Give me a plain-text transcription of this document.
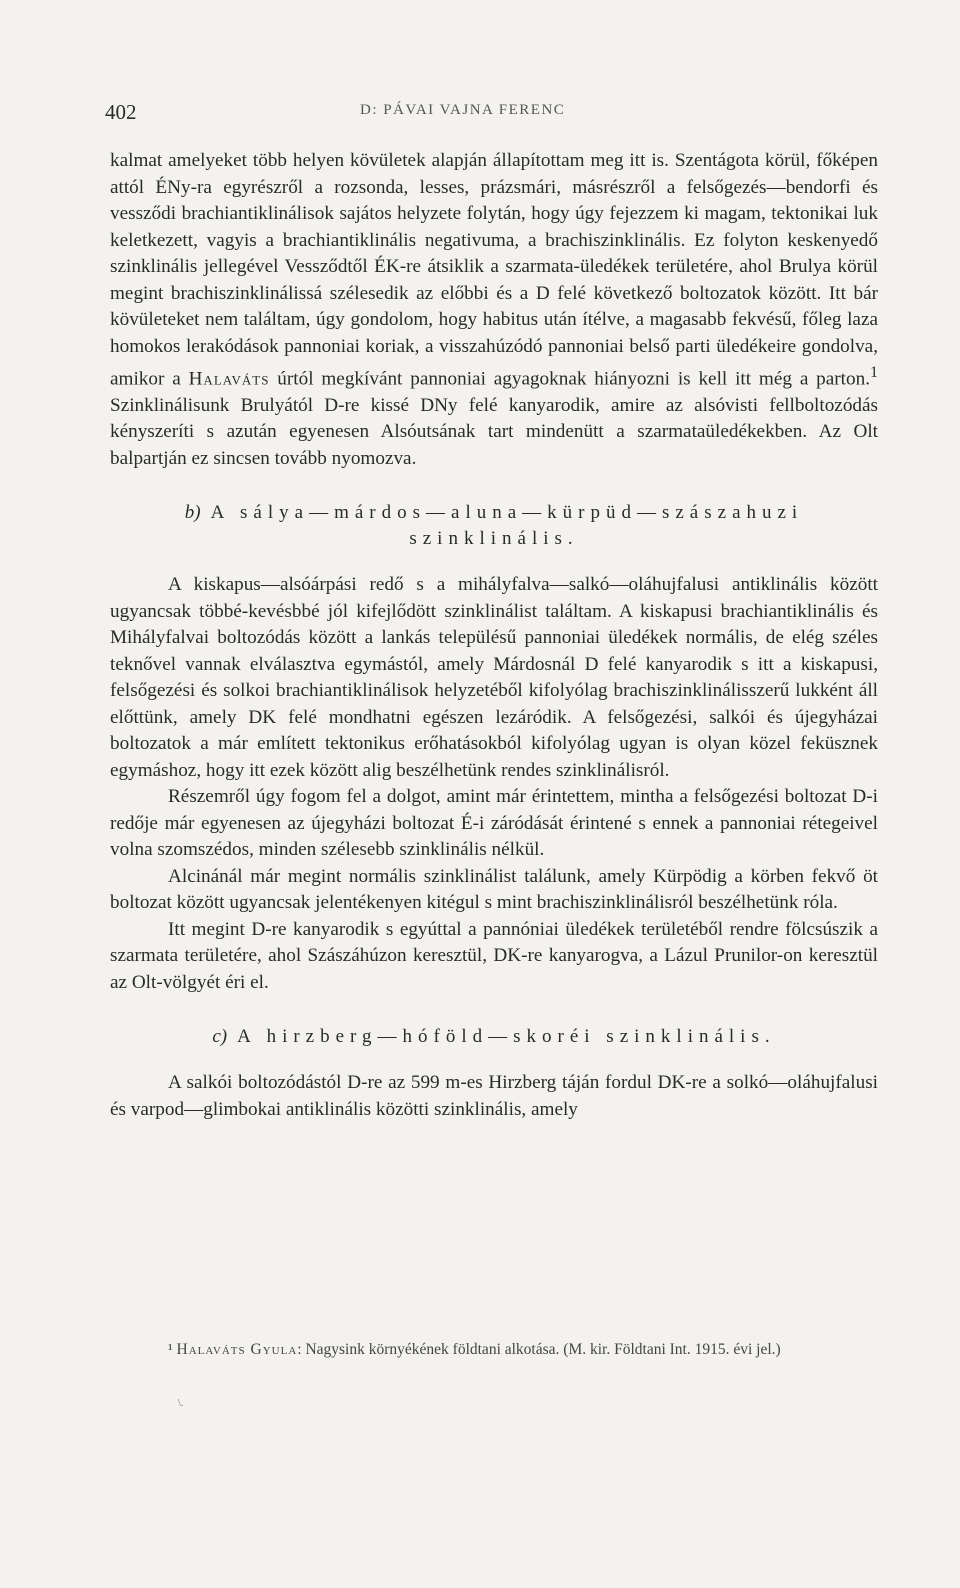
402	D: PÁVAI VAJNA FERENC

kalmat amelyeket több helyen kövületek alapján állapítottam meg itt is. Szentágota körül, főképen attól ÉNy-ra egyrészről a rozsonda, lesses, prázsmári, másrészről a felsőgezés—bendorfi és vessződi brachiantiklinálisok sajátos helyzete folytán, hogy úgy fejezzem ki magam, tektonikai luk keletkezett, vagyis a brachiantiklinális negativuma, a brachiszinklinális. Ez folyton keskenyedő szinklinális jellegével Vessződtől ÉK-re átsiklik a szarmata-üledékek területére, ahol Brulya körül megint brachiszinklinálissá szélesedik az előbbi és a D felé következő boltozatok között. Itt bár kövületeket nem találtam, úgy gondolom, hogy habitus után ítélve, a magasabb fekvésű, főleg laza homokos lerakódások pannoniai koriak, a visszahúzódó pannoniai belső parti üledékeire gondolva, amikor a Halaváts úrtól megkívánt pannoniai agyagoknak hiányozni is kell itt még a parton.$^1$ Szinklinálisunk Brulyától D-re kissé DNy felé kanyarodik, amire az alsóvisti fellboltozódás kényszeríti s azután egyenesen Alsóutsának tart mindenütt a szarmataüledékekben. Az Olt balpartján ez sincsen tovább nyomozva.

b) A sálya—márdos—aluna—kürpüd—szászahuzi szinklinális.

A kiskapus—alsóárpási redő s a mihályfalva—salkó—oláhujfalusi antiklinális között ugyancsak többé-kevésbbé jól kifejlődött szinklinálist találtam. A kiskapusi brachiantiklinális és Mihályfalvai boltozódás között a lankás településű pannoniai üledékek normális, de elég széles teknővel vannak elválasztva egymástól, amely Márdosnál D felé kanyarodik s itt a kiskapusi, felsőgezési és solkoi brachiantiklinálisok helyzetéből kifolyólag brachiszinklinálisszerű lukként áll előttünk, amely DK felé mondhatni egészen lezáródik. A felsőgezési, salkói és újegyházai boltozatok a már említett tektonikus erőhatásokból kifolyólag ugyan is olyan közel feküsznek egymáshoz, hogy itt ezek között alig beszélhetünk rendes szinklinálisról.

Részemről úgy fogom fel a dolgot, amint már érintettem, mintha a felsőgezési boltozat D-i redője már egyenesen az újegyházi boltozat É-i záródását érintené s ennek a pannoniai rétegeivel volna szomszédos, minden szélesebb szinklinális nélkül.

Alcinánál már megint normális szinklinálist találunk, amely Kürpödig a körben fekvő öt boltozat között ugyancsak jelentékenyen kitégul s mint brachiszinklinálisról beszélhetünk róla.

Itt megint D-re kanyarodik s egyúttal a pannóniai üledékek területéből rendre fölcsúszik a szarmata területére, ahol Szászáhúzon keresztül, DK-re kanyarogva, a Lázul Prunilor-on keresztül az Olt-völgyét éri el.

c) A hirzberg—hóföld—skoréi szinklinális.

A salkói boltozódástól D-re az 599 m-es Hirzberg táján fordul DK-re a solkó—oláhujfalusi és varpod—glimbokai antiklinális közötti szinklinális, amely

¹ Halaváts Gyula: Nagysink környékének földtani alkotása. (M. kir. Földtani Int. 1915. évi jel.)
\.
